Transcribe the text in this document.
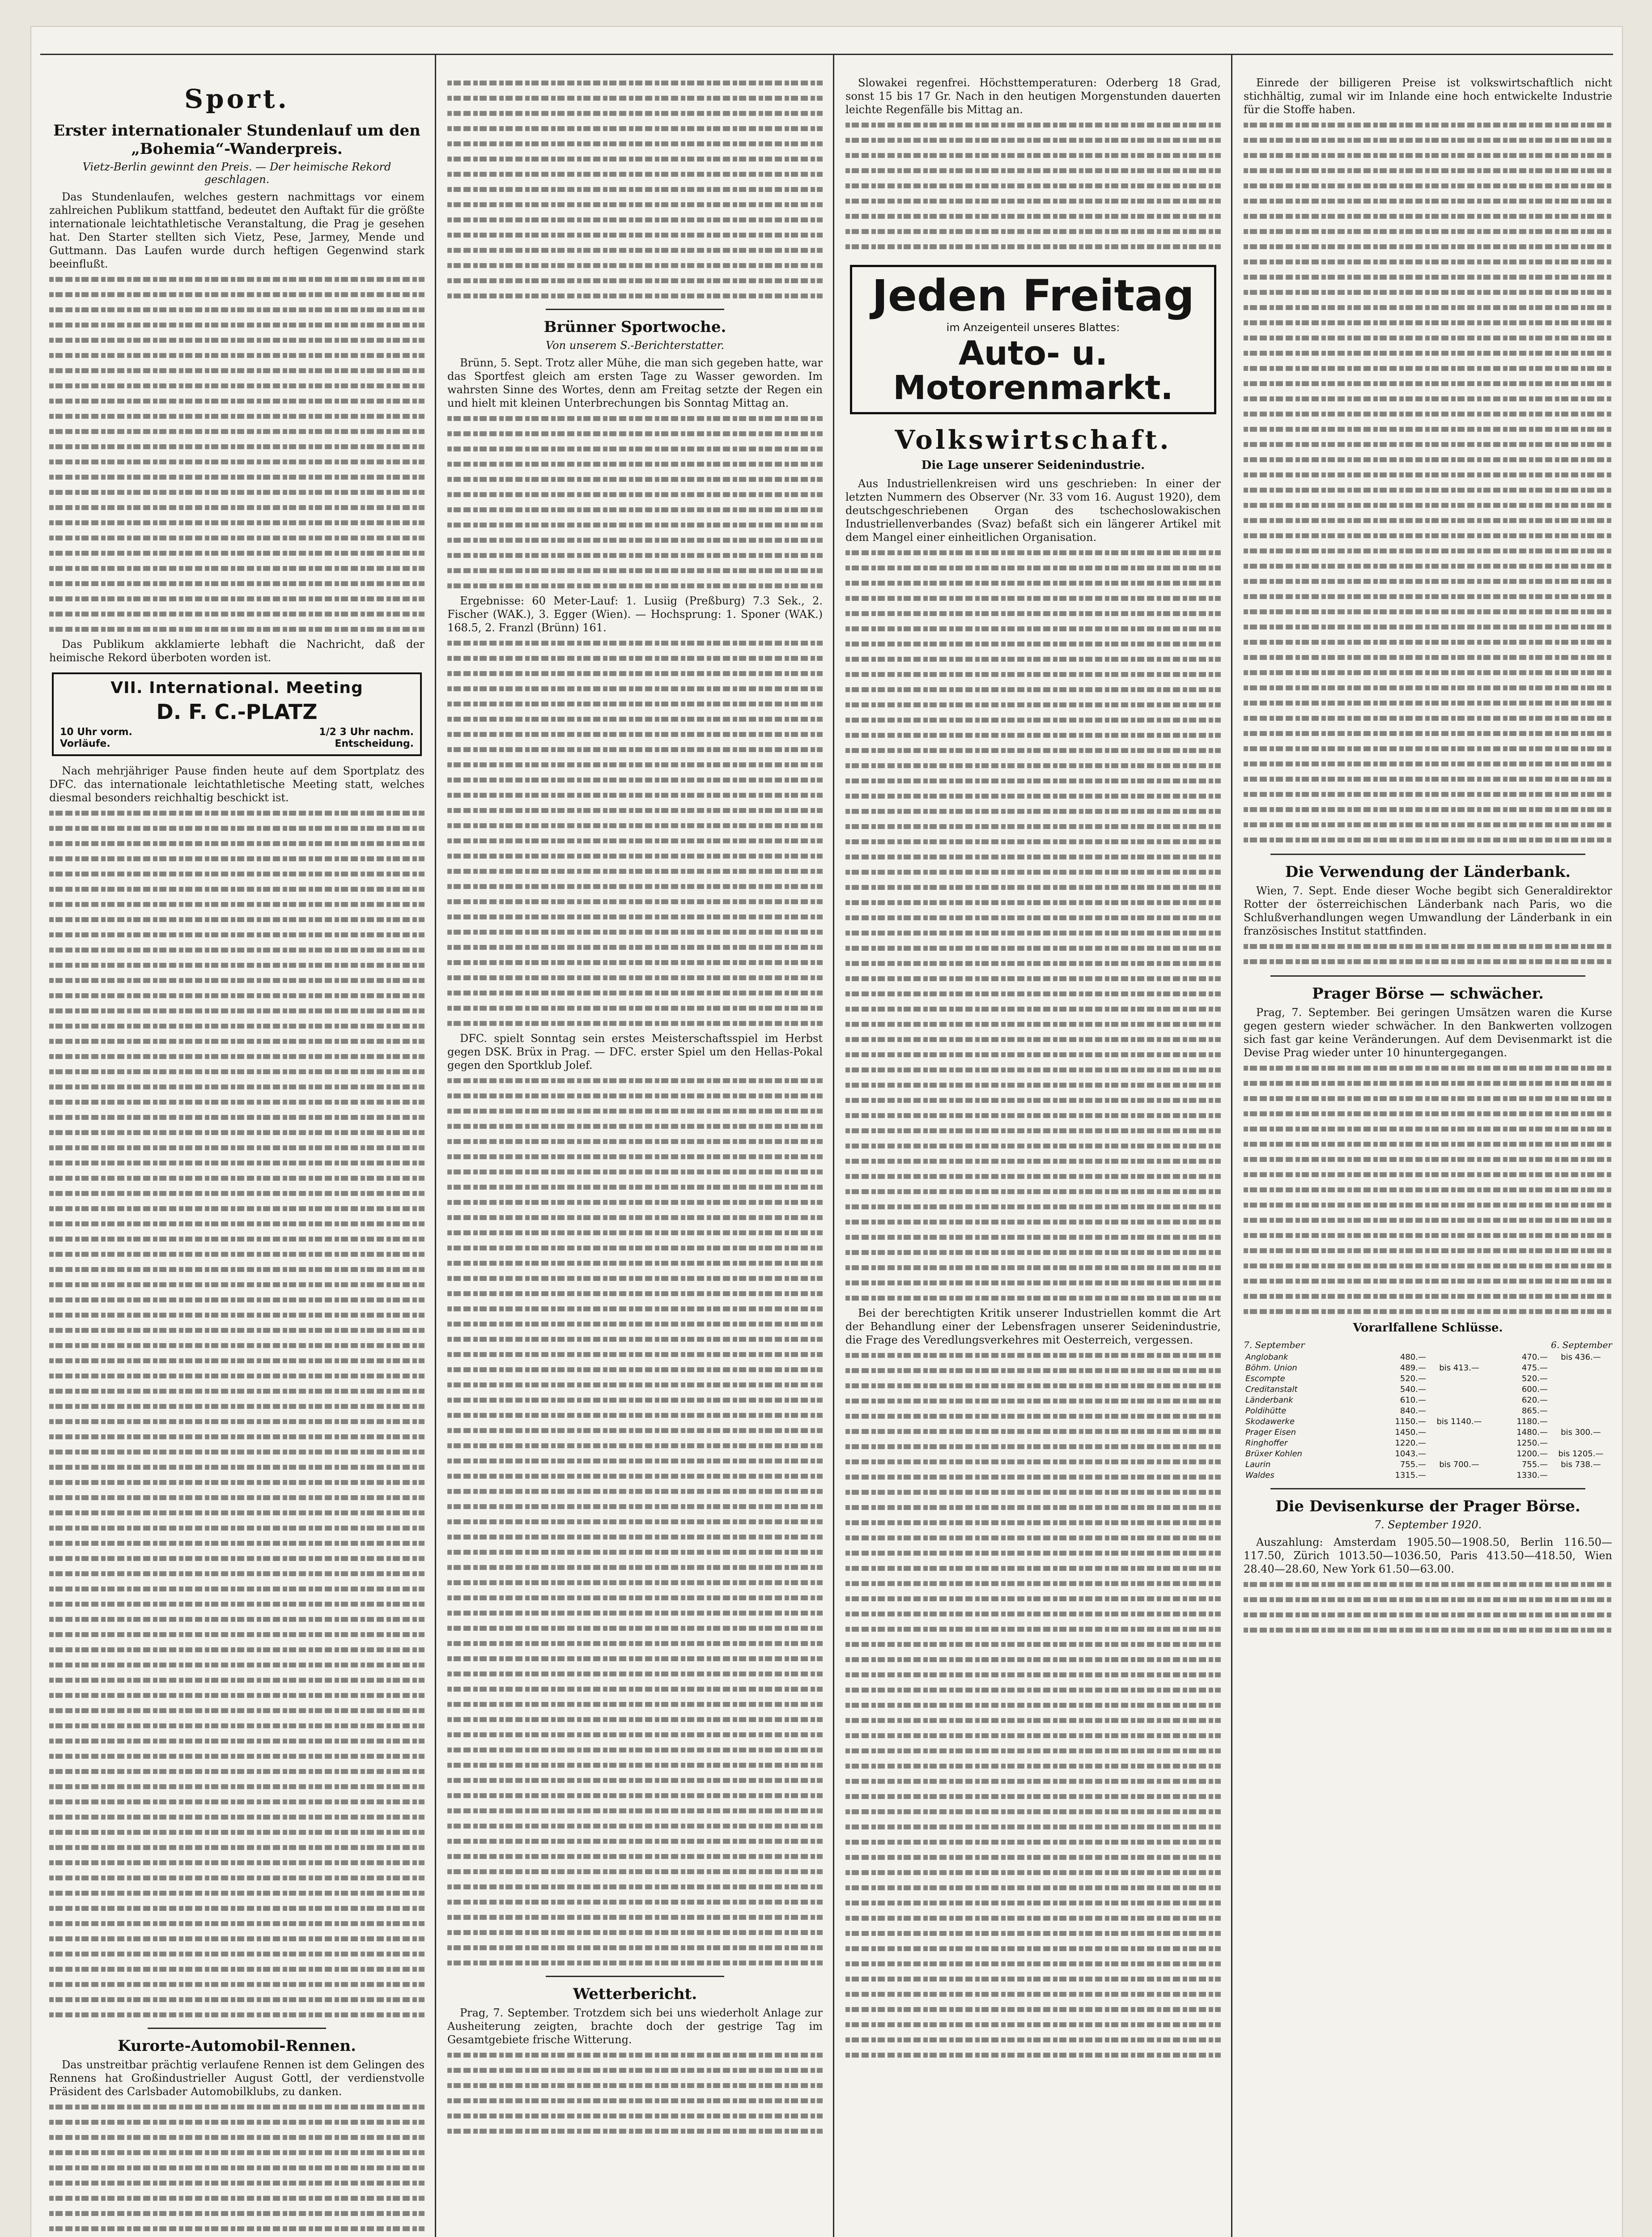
Sport.
Erster internationaler Stundenlauf um den „Bohemia“-Wanderpreis.
Vietz-Berlin gewinnt den Preis. — Der heimische Rekord geschlagen.

Das Stundenlaufen, welches gestern nachmittags vor einem zahlreichen Publikum stattfand, bedeutet den Auftakt für die größte internationale leichtathletische Veranstaltung, die Prag je gesehen hat. Den Starter stellten sich Vietz, Pese, Jarmey, Mende und Guttmann. Das Laufen wurde durch heftigen Gegenwind stark beeinflußt.

Das Publikum akklamierte lebhaft die Nachricht, daß der heimische Rekord überboten worden ist.

VII. International. Meeting
D. F. C.-PLATZ
10 Uhr vorm.
Vorläufe.
1/2 3 Uhr nachm.
Entscheidung.

Nach mehrjähriger Pause finden heute auf dem Sportplatz des DFC. das internationale leichtathletische Meeting statt, welches diesmal besonders reichhaltig beschickt ist.

Kurorte-Automobil-Rennen.

Das unstreitbar prächtig verlaufene Rennen ist dem Gelingen des Rennens hat Großindustrieller August Gottl, der verdienstvolle Präsident des Carlsbader Automobilklubs, zu danken.

Brünner Sportwoche.
Von unserem S.-Berichterstatter.

Brünn, 5. Sept. Trotz aller Mühe, die man sich gegeben hatte, war das Sportfest gleich am ersten Tage zu Wasser geworden. Im wahrsten Sinne des Wortes, denn am Freitag setzte der Regen ein und hielt mit kleinen Unterbrechungen bis Sonntag Mittag an.

Ergebnisse: 60 Meter-Lauf: 1. Lusiig (Preßburg) 7.3 Sek., 2. Fischer (WAK.), 3. Egger (Wien). — Hochsprung: 1. Sponer (WAK.) 168.5, 2. Franzl (Brünn) 161.

DFC. spielt Sonntag sein erstes Meisterschaftsspiel im Herbst gegen DSK. Brüx in Prag. — DFC. erster Spiel um den Hellas-Pokal gegen den Sportklub Jolef.

Wetterbericht.

Prag, 7. September. Trotzdem sich bei uns wiederholt Anlage zur Ausheiterung zeigten, brachte doch der gestrige Tag im Gesamtgebiete frische Witterung.

Slowakei regenfrei. Höchsttemperaturen: Oderberg 18 Grad, sonst 15 bis 17 Gr. Nach in den heutigen Morgenstunden dauerten leichte Regenfälle bis Mittag an.

Jeden Freitag
im Anzeigenteil unseres Blattes:
Auto- u. Motorenmarkt.
Volkswirtschaft.
Die Lage unserer Seidenindustrie.

Aus Industriellenkreisen wird uns geschrieben: In einer der letzten Nummern des Observer (Nr. 33 vom 16. August 1920), dem deutschgeschriebenen Organ des tschechoslowakischen Industriellenverbandes (Svaz) befaßt sich ein längerer Artikel mit dem Mangel einer einheitlichen Organisation.

Bei der berechtigten Kritik unserer Industriellen kommt die Art der Behandlung einer der Lebensfragen unserer Seidenindustrie, die Frage des Veredlungsverkehres mit Oesterreich, vergessen.

Einrede der billigeren Preise ist volkswirtschaftlich nicht stichhältig, zumal wir im Inlande eine hoch entwickelte Industrie für die Stoffe haben.

Die Verwendung der Länderbank.

Wien, 7. Sept. Ende dieser Woche begibt sich Generaldirektor Rotter der österreichischen Länderbank nach Paris, wo die Schlußverhandlungen wegen Umwandlung der Länderbank in ein französisches Institut stattfinden.

Prager Börse — schwächer.

Prag, 7. September. Bei geringen Umsätzen waren die Kurse gegen gestern wieder schwächer. In den Bankwerten vollzogen sich fast gar keine Veränderungen. Auf dem Devisenmarkt ist die Devise Prag wieder unter 10 hinuntergegangen.

Vorarlfallene Schlüsse.
7. September	6. September
Anglobank	480.—		470.—	bis 436.—
Böhm. Union	489.—	bis 413.—	475.—	
Escompte	520.—		520.—	
Creditanstalt	540.—		600.—	
Länderbank	610.—		620.—	
Poldihütte	840.—		865.—	
Skodawerke	1150.—	bis 1140.—	1180.—	
Prager Eisen	1450.—		1480.—	bis 300.—
Ringhoffer	1220.—		1250.—	
Brüxer Kohlen	1043.—		1200.—	bis 1205.—
Laurin	755.—	bis 700.—	755.—	bis 738.—
Waldes	1315.—		1330.—	
Die Devisenkurse der Prager Börse.
7. September 1920.

Auszahlung: Amsterdam 1905.50—1908.50, Berlin 116.50—117.50, Zürich 1013.50—1036.50, Paris 413.50—418.50, Wien 28.40—28.60, New York 61.50—63.00.
